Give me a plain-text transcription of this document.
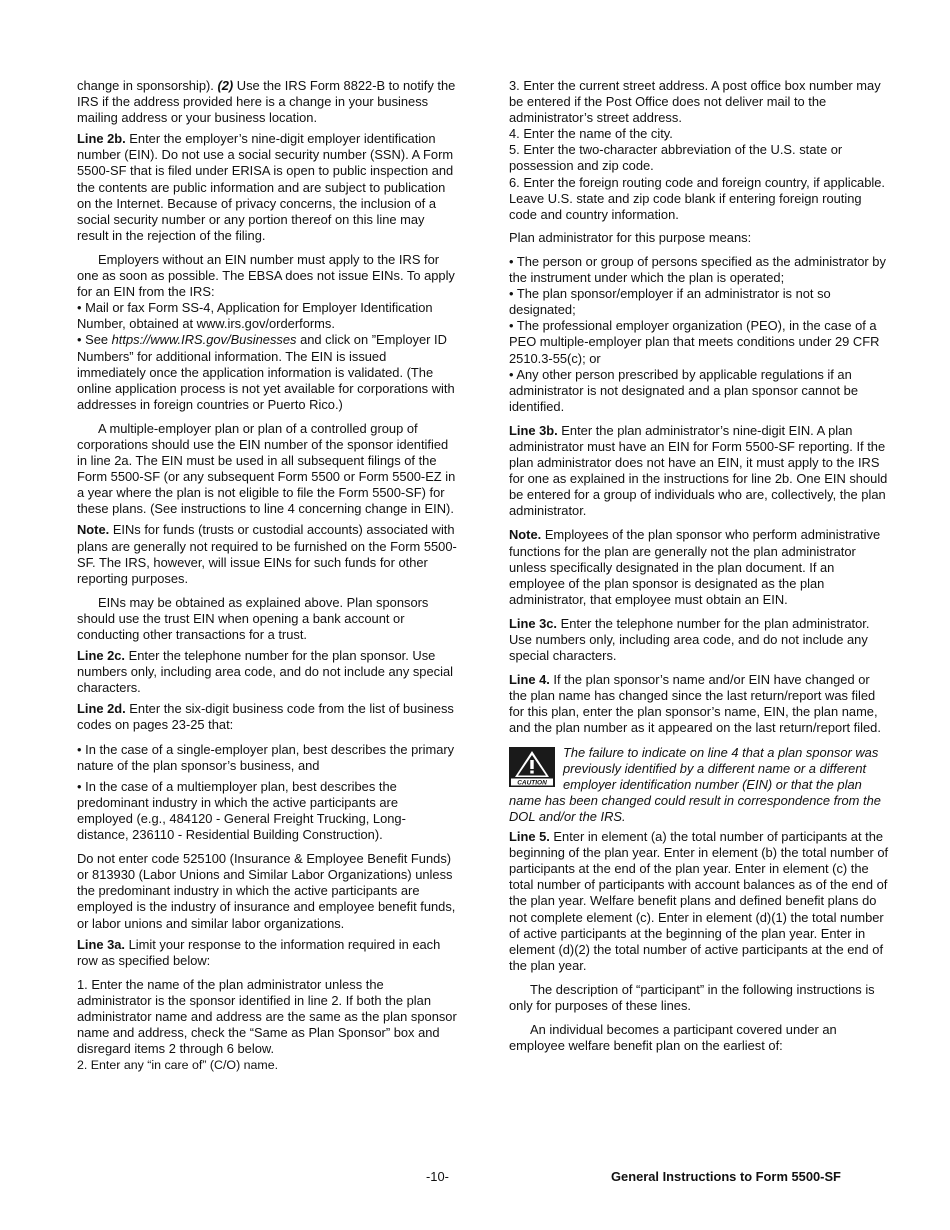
change in sponsorship). (2) Use the IRS Form 8822-B to notify the IRS if the address provided here is a change in your business mailing address or your business location.

Line 2b. Enter the employer’s nine-digit employer identification number (EIN). Do not use a social security number (SSN). A Form 5500-SF that is filed under ERISA is open to public inspection and the contents are public information and are subject to publication on the Internet. Because of privacy concerns, the inclusion of a social security number or any portion thereof on this line may result in the rejection of the filing.

Employers without an EIN number must apply to the IRS for one as soon as possible. The EBSA does not issue EINs. To apply for an EIN from the IRS:

• Mail or fax Form SS-4, Application for Employer Identification Number, obtained at www.irs.gov/orderforms.

• See https://www.IRS.gov/Businesses and click on ”Employer ID Numbers” for additional information. The EIN is issued immediately once the application information is validated. (The online application process is not yet available for corporations with addresses in foreign countries or Puerto Rico.)

A multiple-employer plan or plan of a controlled group of corporations should use the EIN number of the sponsor identified in line 2a. The EIN must be used in all subsequent filings of the Form 5500-SF (or any subsequent Form 5500 or Form 5500-EZ in a year where the plan is not eligible to file the Form 5500-SF) for these plans. (See instructions to line 4 concerning change in EIN).

Note. EINs for funds (trusts or custodial accounts) associated with plans are generally not required to be furnished on the Form 5500-SF. The IRS, however, will issue EINs for such funds for other reporting purposes.

EINs may be obtained as explained above. Plan sponsors should use the trust EIN when opening a bank account or conducting other transactions for a trust.

Line 2c. Enter the telephone number for the plan sponsor. Use numbers only, including area code, and do not include any special characters.

Line 2d. Enter the six-digit business code from the list of business codes on pages 23-25 that:

• In the case of a single-employer plan, best describes the primary nature of the plan sponsor’s business, and

• In the case of a multiemployer plan, best describes the predominant industry in which the active participants are employed (e.g., 484120 - General Freight Trucking, Long-distance, 236110 - Residential Building Construction).

Do not enter code 525100 (Insurance & Employee Benefit Funds) or 813930 (Labor Unions and Similar Labor Organizations) unless the predominant industry in which the active participants are employed is the industry of insurance and employee benefit funds, or labor unions and similar labor organizations.

Line 3a. Limit your response to the information required in each row as specified below:

1. Enter the name of the plan administrator unless the administrator is the sponsor identified in line 2. If both the plan administrator name and address are the same as the plan sponsor name and address, check the “Same as Plan Sponsor” box and disregard items 2 through 6 below.

2. Enter any “in care of” (C/O) name.

3. Enter the current street address. A post office box number may be entered if the Post Office does not deliver mail to the administrator’s street address.

4. Enter the name of the city.

5. Enter the two-character abbreviation of the U.S. state or possession and zip code.

6. Enter the foreign routing code and foreign country, if applicable. Leave U.S. state and zip code blank if entering foreign routing code and country information.

Plan administrator for this purpose means:

• The person or group of persons specified as the administrator by the instrument under which the plan is operated;

• The plan sponsor/employer if an administrator is not so designated;

• The professional employer organization (PEO), in the case of a PEO multiple-employer plan that meets conditions under 29 CFR 2510.3-55(c); or

• Any other person prescribed by applicable regulations if an administrator is not designated and a plan sponsor cannot be identified.

Line 3b. Enter the plan administrator’s nine-digit EIN. A plan administrator must have an EIN for Form 5500-SF reporting. If the plan administrator does not have an EIN, it must apply to the IRS for one as explained in the instructions for line 2b. One EIN should be entered for a group of individuals who are, collectively, the plan administrator.

Note. Employees of the plan sponsor who perform administrative functions for the plan are generally not the plan administrator unless specifically designated in the plan document. If an employee of the plan sponsor is designated as the plan administrator, that employee must obtain an EIN.

Line 3c. Enter the telephone number for the plan administrator. Use numbers only, including area code, and do not include any special characters.

Line 4. If the plan sponsor’s name and/or EIN have changed or the plan name has changed since the last return/report was filed for this plan, enter the plan sponsor’s name, EIN, the plan name, and the plan number as it appeared on the last return/report filed.

CAUTION
The failure to indicate on line 4 that a plan sponsor was previously identified by a different name or a different employer identification number (EIN) or that the plan name has been changed could result in correspondence from the DOL and/or the IRS.

Line 5. Enter in element (a) the total number of participants at the beginning of the plan year. Enter in element (b) the total number of participants at the end of the plan year. Enter in element (c) the total number of participants with account balances as of the end of the plan year. Welfare benefit plans and defined benefit plans do not complete element (c). Enter in element (d)(1) the total number of active participants at the beginning of the plan year. Enter in element (d)(2) the total number of active participants at the end of the plan year.

The description of “participant” in the following instructions is only for purposes of these lines.

An individual becomes a participant covered under an employee welfare benefit plan on the earliest of:

-10-	General Instructions to Form 5500-SF
